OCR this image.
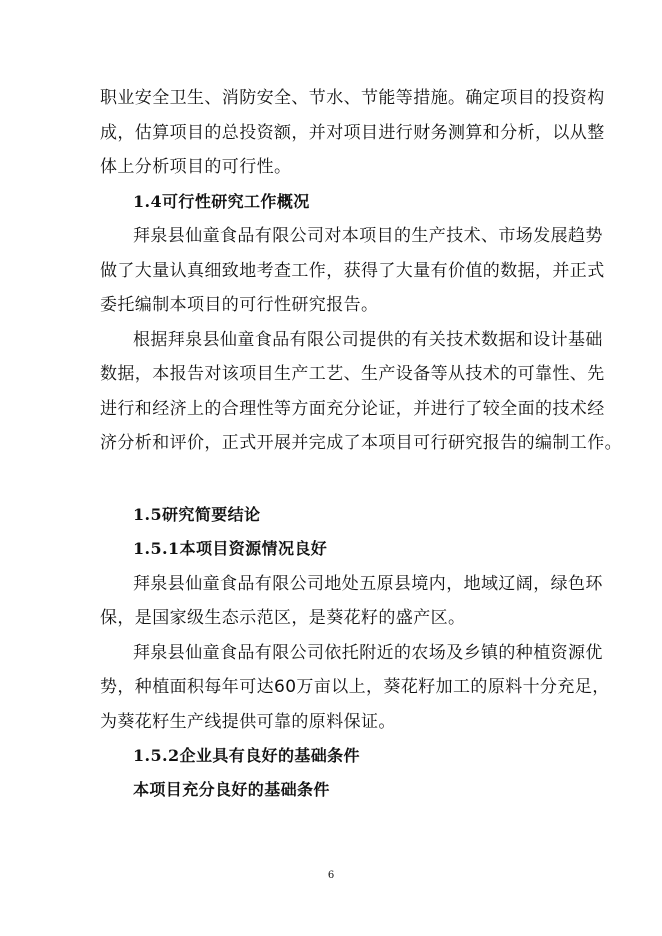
职业安全卫生、消防安全、节水、节能等措施。确定项目的投资构
成，估算项目的总投资额，并对项目进行财务测算和分析，以从整
体上分析项目的可行性。
1.4可行性研究工作概况
拜泉县仙童食品有限公司对本项目的生产技术、市场发展趋势
做了大量认真细致地考查工作，获得了大量有价值的数据，并正式
委托编制本项目的可行性研究报告。
根据拜泉县仙童食品有限公司提供的有关技术数据和设计基础
数据，本报告对该项目生产工艺、生产设备等从技术的可靠性、先
进行和经济上的合理性等方面充分论证，并进行了较全面的技术经
济分析和评价，正式开展并完成了本项目可行研究报告的编制工作。
1.5研究简要结论
1.5.1本项目资源情况良好
拜泉县仙童食品有限公司地处五原县境内，地域辽阔，绿色环
保，是国家级生态示范区，是葵花籽的盛产区。
拜泉县仙童食品有限公司依托附近的农场及乡镇的种植资源优
势，种植面积每年可达60万亩以上，葵花籽加工的原料十分充足，
为葵花籽生产线提供可靠的原料保证。
1.5.2企业具有良好的基础条件
本项目充分良好的基础条件
6
